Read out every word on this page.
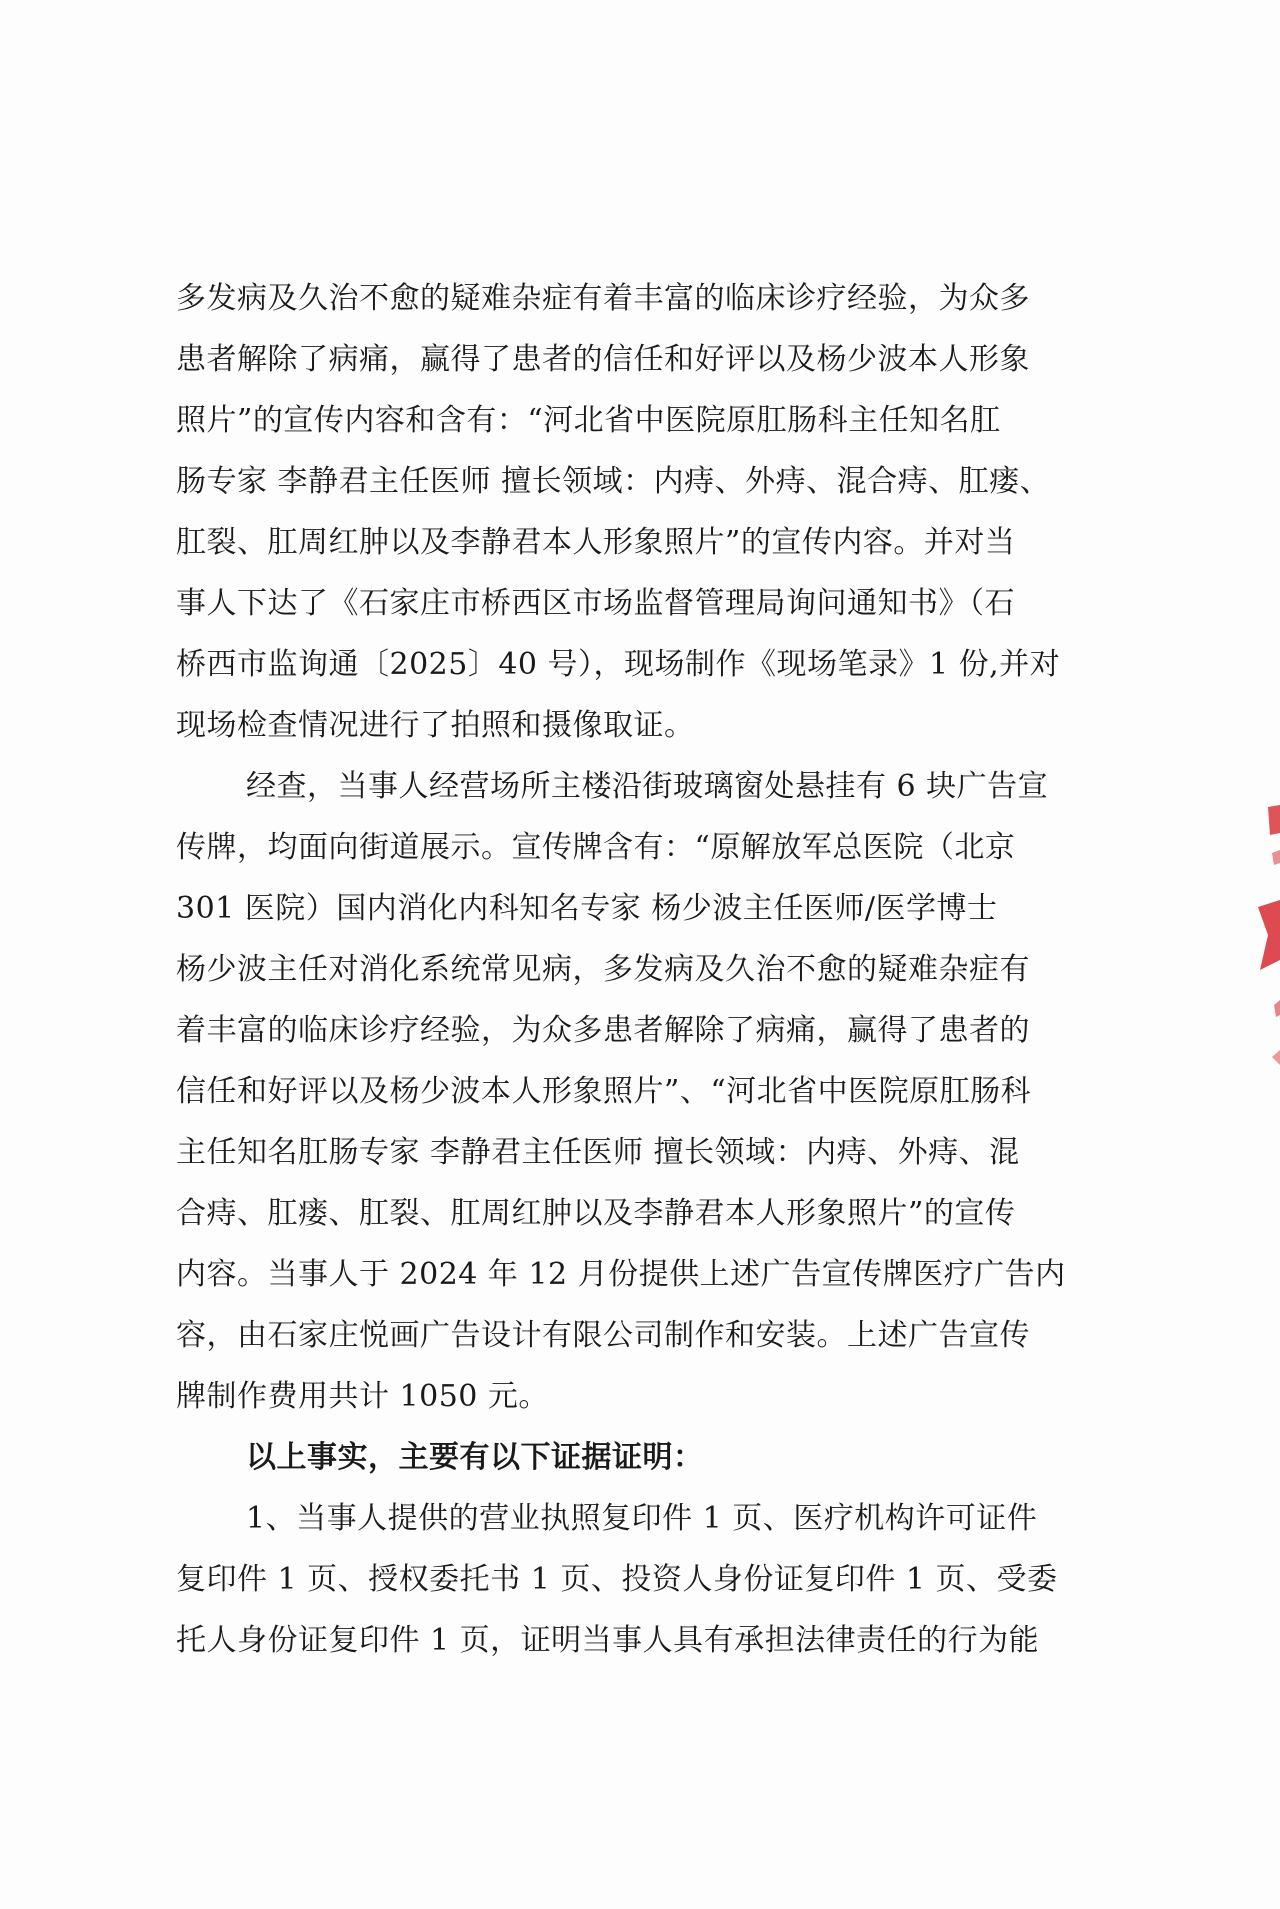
多发病及久治不愈的疑难杂症有着丰富的临床诊疗经验，为众多
患者解除了病痛，赢得了患者的信任和好评以及杨少波本人形象
照片”的宣传内容和含有：“河北省中医院原肛肠科主任知名肛
肠专家 李静君主任医师 擅长领域：内痔、外痔、混合痔、肛瘘、
肛裂、肛周红肿以及李静君本人形象照片”的宣传内容。并对当
事人下达了《石家庄市桥西区市场监督管理局询问通知书》（石
桥西市监询通〔2025〕40 号），现场制作《现场笔录》1 份,并对
现场检查情况进行了拍照和摄像取证。
经查，当事人经营场所主楼沿街玻璃窗处悬挂有 6 块广告宣
传牌，均面向街道展示。宣传牌含有：“原解放军总医院（北京
301 医院）国内消化内科知名专家 杨少波主任医师/医学博士
杨少波主任对消化系统常见病，多发病及久治不愈的疑难杂症有
着丰富的临床诊疗经验，为众多患者解除了病痛，赢得了患者的
信任和好评以及杨少波本人形象照片”、“河北省中医院原肛肠科
主任知名肛肠专家 李静君主任医师 擅长领域：内痔、外痔、混
合痔、肛瘘、肛裂、肛周红肿以及李静君本人形象照片”的宣传
内容。当事人于 2024 年 12 月份提供上述广告宣传牌医疗广告内
容，由石家庄悦画广告设计有限公司制作和安装。上述广告宣传
牌制作费用共计 1050 元。
以上事实，主要有以下证据证明：
1、当事人提供的营业执照复印件 1 页、医疗机构许可证件
复印件 1 页、授权委托书 1 页、投资人身份证复印件 1 页、受委
托人身份证复印件 1 页，证明当事人具有承担法律责任的行为能
